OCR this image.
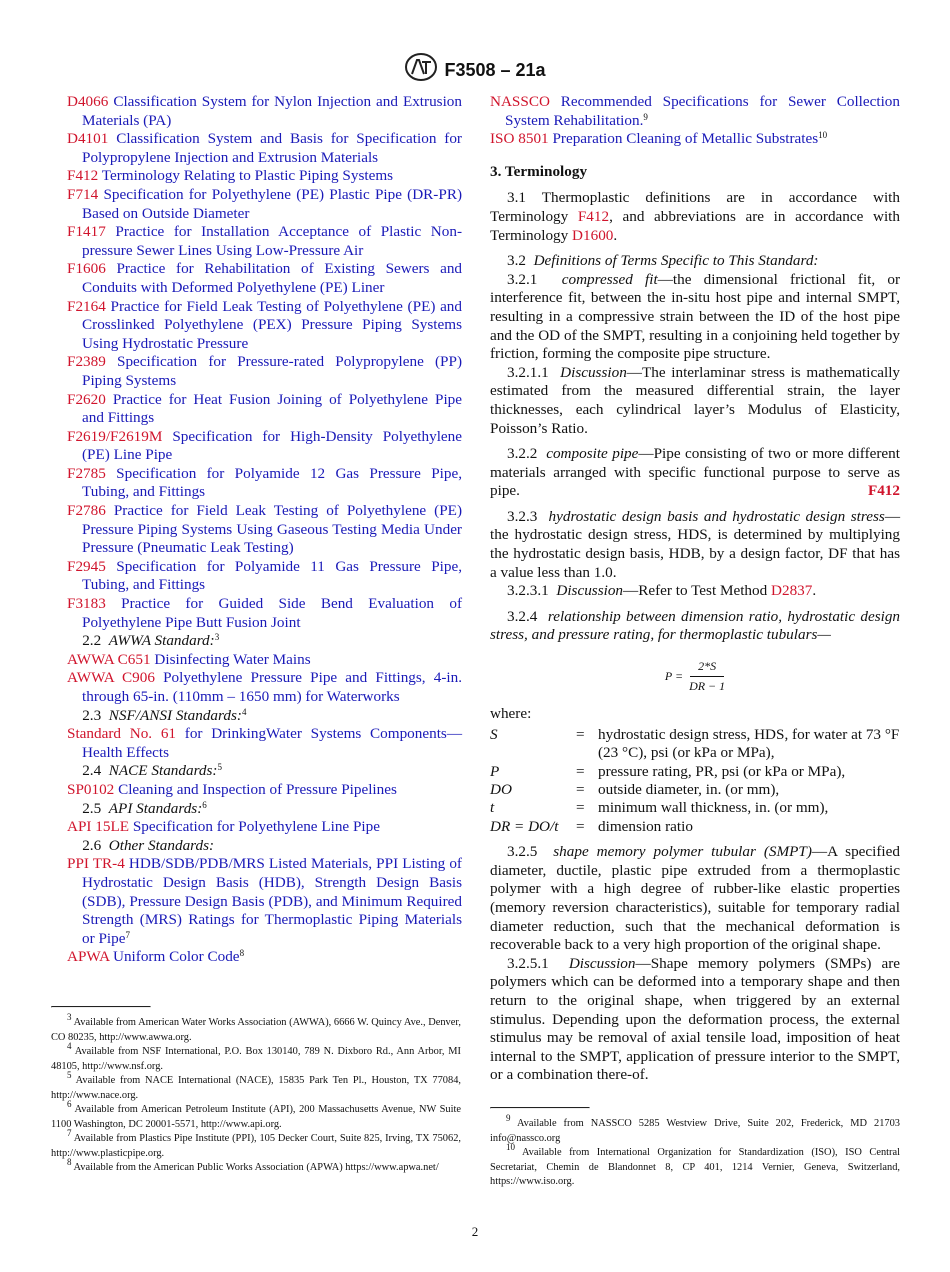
F3508 – 21a

D4066 Classification System for Nylon Injection and Extrusion Materials (PA)

D4101 Classification System and Basis for Specification for Polypropylene Injection and Extrusion Materials

F412 Terminology Relating to Plastic Piping Systems

F714 Specification for Polyethylene (PE) Plastic Pipe (DR-PR) Based on Outside Diameter

F1417 Practice for Installation Acceptance of Plastic Non-pressure Sewer Lines Using Low-Pressure Air

F1606 Practice for Rehabilitation of Existing Sewers and Conduits with Deformed Polyethylene (PE) Liner

F2164 Practice for Field Leak Testing of Polyethylene (PE) and Crosslinked Polyethylene (PEX) Pressure Piping Systems Using Hydrostatic Pressure

F2389 Specification for Pressure-rated Polypropylene (PP) Piping Systems

F2620 Practice for Heat Fusion Joining of Polyethylene Pipe and Fittings

F2619/F2619M Specification for High-Density Polyethylene (PE) Line Pipe

F2785 Specification for Polyamide 12 Gas Pressure Pipe, Tubing, and Fittings

F2786 Practice for Field Leak Testing of Polyethylene (PE) Pressure Piping Systems Using Gaseous Testing Media Under Pressure (Pneumatic Leak Testing)

F2945 Specification for Polyamide 11 Gas Pressure Pipe, Tubing, and Fittings

F3183 Practice for Guided Side Bend Evaluation of Polyethylene Pipe Butt Fusion Joint

2.2 AWWA Standard:$^3$

AWWA C651 Disinfecting Water Mains

AWWA C906 Polyethylene Pressure Pipe and Fittings, 4-in. through 65-in. (110mm – 1650 mm) for Waterworks

2.3 NSF/ANSI Standards:$^4$

Standard No. 61 for DrinkingWater Systems Components—Health Effects

2.4 NACE Standards:$^5$

SP0102 Cleaning and Inspection of Pressure Pipelines

2.5 API Standards:$^6$

API 15LE Specification for Polyethylene Line Pipe

2.6 Other Standards:

PPI TR-4 HDB/SDB/PDB/MRS Listed Materials, PPI Listing of Hydrostatic Design Basis (HDB), Strength Design Basis (SDB), Pressure Design Basis (PDB), and Minimum Required Strength (MRS) Ratings for Thermoplastic Piping Materials or Pipe$^7$

APWA Uniform Color Code$^8$

$^3$ Available from American Water Works Association (AWWA), 6666 W. Quincy Ave., Denver, CO 80235, http://www.awwa.org.

$^4$ Available from NSF International, P.O. Box 130140, 789 N. Dixboro Rd., Ann Arbor, MI 48105, http://www.nsf.org.

$^5$ Available from NACE International (NACE), 15835 Park Ten Pl., Houston, TX 77084, http://www.nace.org.

$^6$ Available from American Petroleum Institute (API), 200 Massachusetts Avenue, NW Suite 1100 Washington, DC 20001-5571, http://www.api.org.

$^7$ Available from Plastics Pipe Institute (PPI), 105 Decker Court, Suite 825, Irving, TX 75062, http://www.plasticpipe.org.

$^8$ Available from the American Public Works Association (APWA) https://www.apwa.net/

NASSCO Recommended Specifications for Sewer Collection System Rehabilitation.$^9$

ISO 8501 Preparation Cleaning of Metallic Substrates$^{10}$

3. Terminology

3.1 Thermoplastic definitions are in accordance with Terminology F412, and abbreviations are in accordance with Terminology D1600.

3.2 Definitions of Terms Specific to This Standard:

3.2.1 compressed fit—the dimensional frictional fit, or interference fit, between the in-situ host pipe and internal SMPT, resulting in a compressive strain between the ID of the host pipe and the OD of the SMPT, resulting in a conjoining held together by friction, forming the composite pipe structure.

3.2.1.1 Discussion—The interlaminar stress is mathematically estimated from the measured differential strain, the layer thicknesses, each cylindrical layer’s Modulus of Elasticity, Poisson’s Ratio.

3.2.2 composite pipe—Pipe consisting of two or more different materials arranged with specific functional purpose to serve as pipe.	F412

3.2.3 hydrostatic design basis and hydrostatic design stress—the hydrostatic design stress, HDS, is determined by multiplying the hydrostatic design basis, HDB, by a design factor, DF that has a value less than 1.0.

3.2.3.1 Discussion—Refer to Test Method D2837.

3.2.4 relationship between dimension ratio, hydrostatic design stress, and pressure rating, for thermoplastic tubulars—

$P = \frac{2*S}{DR - 1}$
where:
S	= hydrostatic design stress, HDS, for water at 73 °F (23 °C), psi (or kPa or MPa),
P	= pressure rating, PR, psi (or kPa or MPa),
DO	= outside diameter, in. (or mm),
t	= minimum wall thickness, in. (or mm),
DR = DO/t	= dimension ratio

3.2.5 shape memory polymer tubular (SMPT)—A specified diameter, ductile, plastic pipe extruded from a thermoplastic polymer with a high degree of rubber-like elastic properties (memory reversion characteristics), suitable for temporary radial diameter reduction, such that the mechanical deformation is recoverable back to a very high proportion of the original shape.

3.2.5.1 Discussion—Shape memory polymers (SMPs) are polymers which can be deformed into a temporary shape and then return to the original shape, when triggered by an external stimulus. Depending upon the deformation process, the external stimulus may be removal of axial tensile load, imposition of heat internal to the SMPT, application of pressure interior to the SMPT, or a combination there-of.

$^9$ Available from NASSCO 5285 Westview Drive, Suite 202, Frederick, MD 21703 info@nassco.org

$^{10}$ Available from International Organization for Standardization (ISO), ISO Central Secretariat, Chemin de Blandonnet 8, CP 401, 1214 Vernier, Geneva, Switzerland, https://www.iso.org.

2
